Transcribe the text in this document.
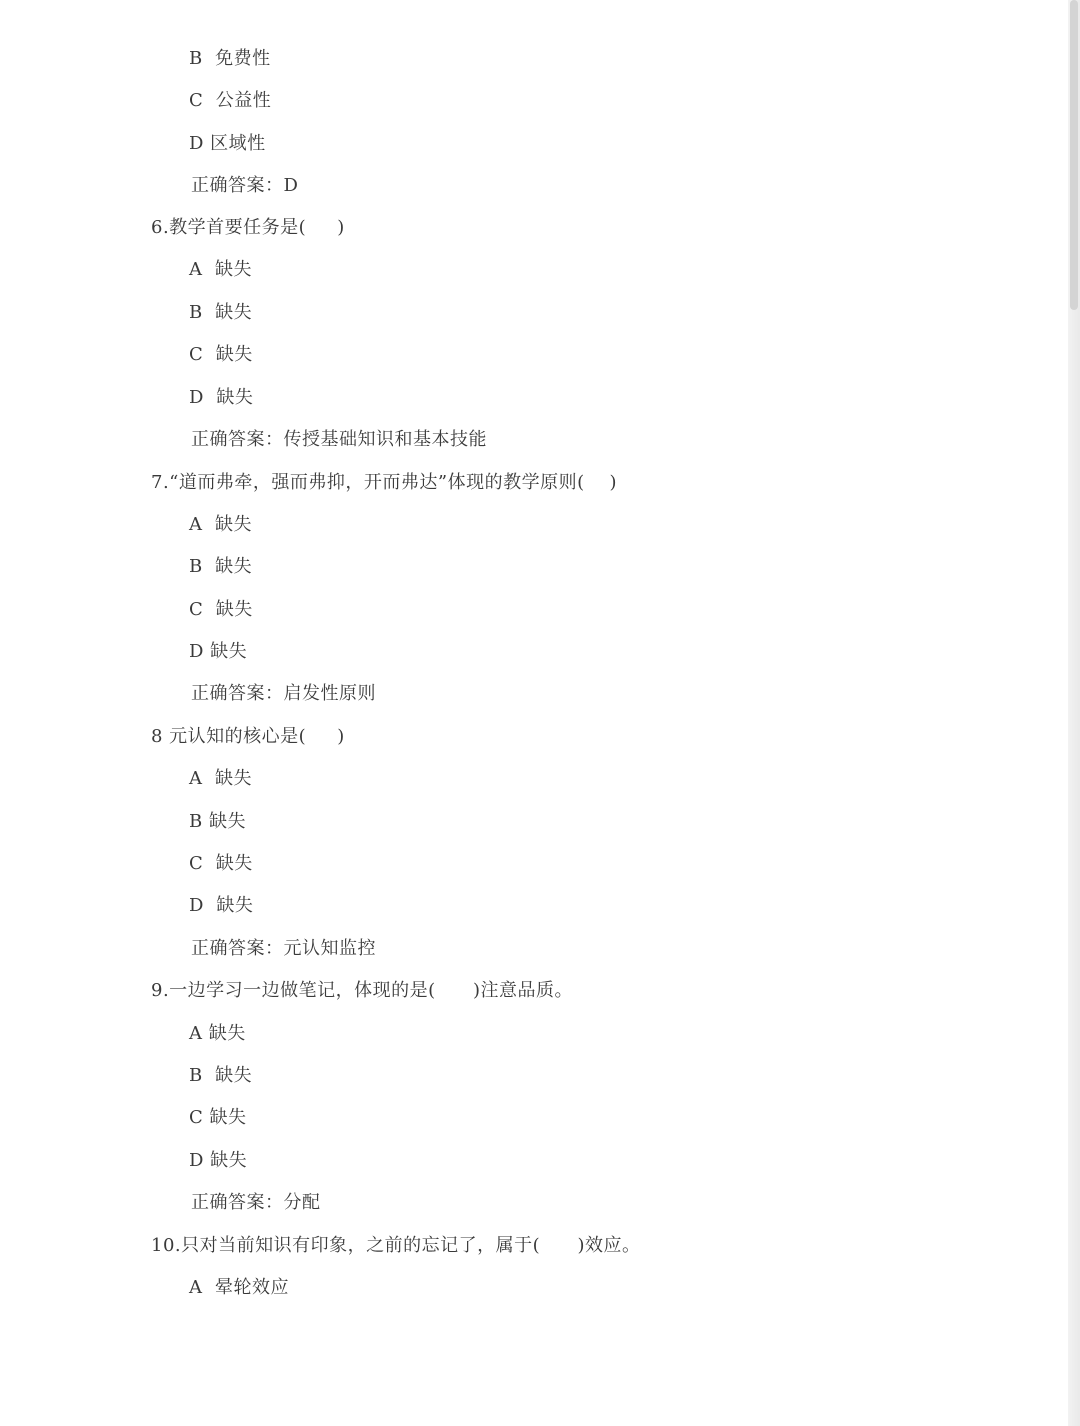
B  免费性
C  公益性
D 区域性
正确答案：D
6.教学首要任务是(     )
A  缺失
B  缺失
C  缺失
D  缺失
正确答案：传授基础知识和基本技能
7.“道而弗牵，强而弗抑，开而弗达”体现的教学原则(    )
A  缺失
B  缺失
C  缺失
D 缺失
正确答案：启发性原则
8 元认知的核心是(     )
A  缺失
B 缺失
C  缺失
D  缺失
正确答案：元认知监控
9.一边学习一边做笔记，体现的是(      )注意品质。
A 缺失
B  缺失
C 缺失
D 缺失
正确答案：分配
10.只对当前知识有印象，之前的忘记了，属于(      )效应。
A  晕轮效应
